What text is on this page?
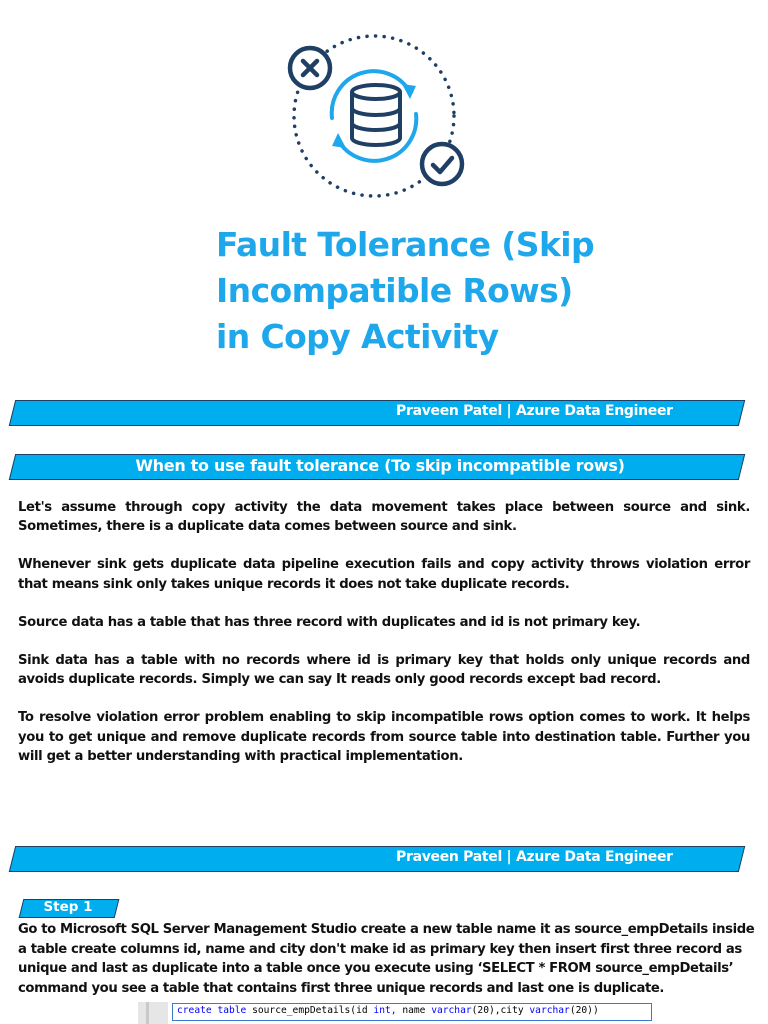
Fault Tolerance (Skip
Incompatible Rows)
in Copy Activity
Praveen Patel | Azure Data Engineer
When to use fault tolerance (To skip incompatible rows)

Let's assume through copy activity the data movement takes place between source and sink. Sometimes, there is a duplicate data comes between source and sink.

Whenever sink gets duplicate data pipeline execution fails and copy activity throws violation error that means sink only takes unique records it does not take duplicate records.

Source data has a table that has three record with duplicates and id is not primary key.

Sink data has a table with no records where id is primary key that holds only unique records and avoids duplicate records. Simply we can say It reads only good records except bad record.

To resolve violation error problem enabling to skip incompatible rows option comes to work. It helps you to get unique and remove duplicate records from source table into destination table. Further you will get a better understanding with practical implementation.

Praveen Patel | Azure Data Engineer
Step 1

Go to Microsoft SQL Server Management Studio create a new table name it as source_empDetails inside a table create columns id, name and city don't make id as primary key then insert first three record as unique and last as duplicate into a table once you execute using ‘SELECT * FROM source_empDetails’ command you see a table that contains first three unique records and last one is duplicate.

create table source_empDetails(id int, name varchar(20),city varchar(20))
